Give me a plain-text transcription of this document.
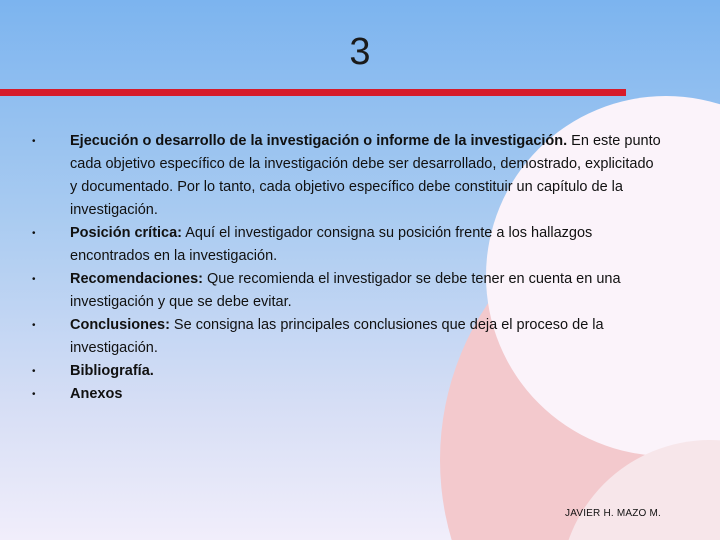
3
• Ejecución o desarrollo de la investigación o informe de la investigación. En este punto cada objetivo específico de la investigación debe ser desarrollado, demostrado, explicitado y documentado. Por lo tanto, cada objetivo específico debe constituir un capítulo de la investigación.
• Posición crítica: Aquí el investigador consigna su posición frente a los hallazgos encontrados en la investigación.
• Recomendaciones: Que recomienda el investigador se debe tener en cuenta en una investigación y que se debe evitar.
• Conclusiones: Se consigna las principales conclusiones que deja el proceso de la investigación.
• Bibliografía.
• Anexos
JAVIER H. MAZO M.
